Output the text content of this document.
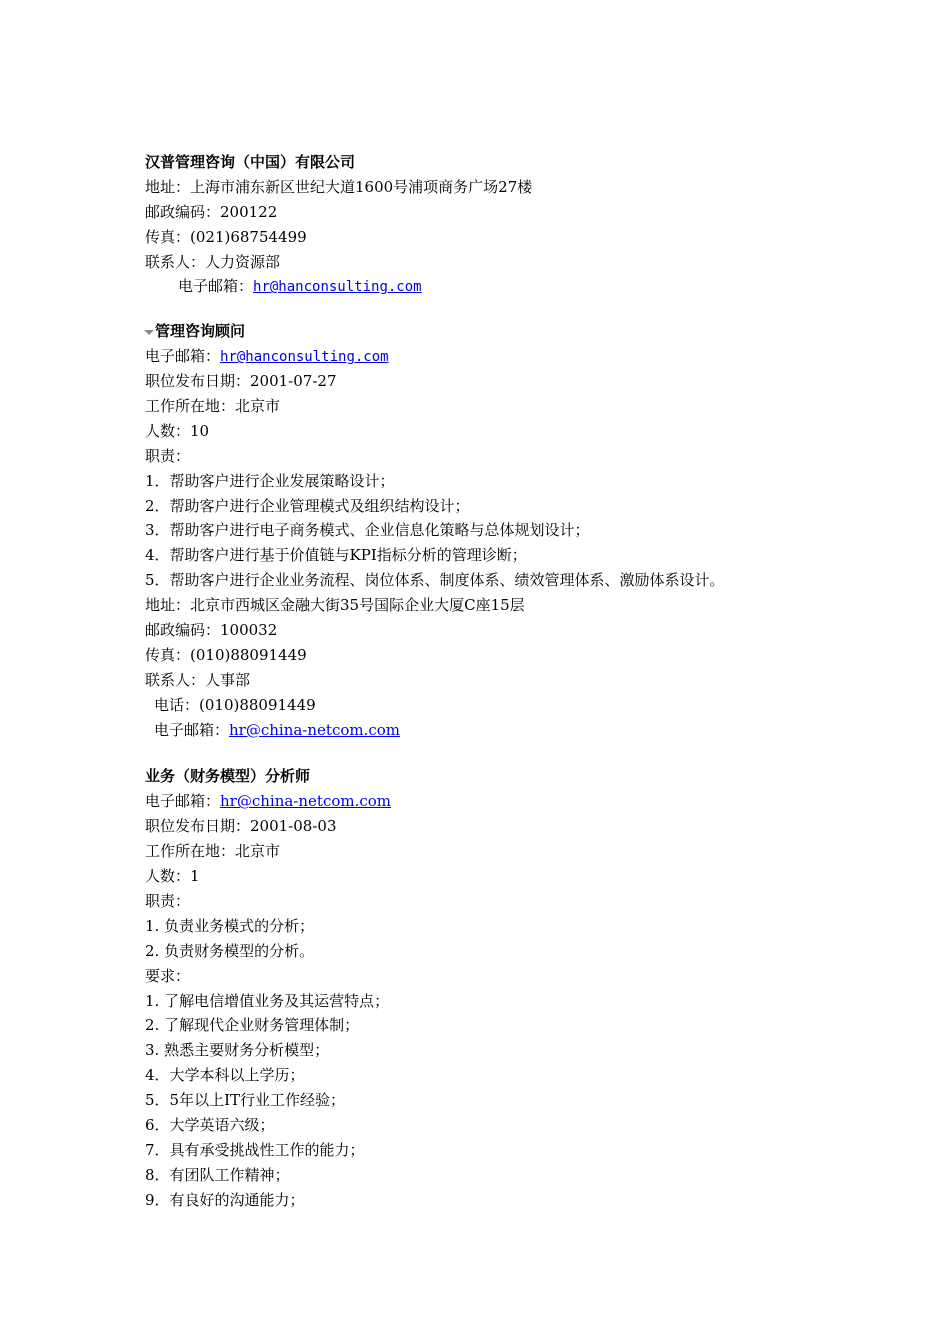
汉普管理咨询（中国）有限公司
地址：上海市浦东新区世纪大道1600号浦项商务广场27楼
邮政编码：200122
传真：(021)68754499
联系人：人力资源部
电子邮箱：hr@hanconsulting.com
管理咨询顾问
电子邮箱：hr@hanconsulting.com
职位发布日期：2001-07-27
工作所在地：北京市
人数：10
职责：
1．帮助客户进行企业发展策略设计；
2．帮助客户进行企业管理模式及组织结构设计；
3．帮助客户进行电子商务模式、企业信息化策略与总体规划设计；
4．帮助客户进行基于价值链与KPI指标分析的管理诊断；
5．帮助客户进行企业业务流程、岗位体系、制度体系、绩效管理体系、激励体系设计。
地址：北京市西城区金融大街35号国际企业大厦C座15层
邮政编码：100032
传真：(010)88091449
联系人：人事部
电话：(010)88091449
电子邮箱：hr@china-netcom.com
业务（财务模型）分析师
电子邮箱：hr@china-netcom.com
职位发布日期：2001-08-03
工作所在地：北京市
人数：1
职责：
1. 负责业务模式的分析；
2. 负责财务模型的分析。
要求：
1. 了解电信增值业务及其运营特点；
2. 了解现代企业财务管理体制；
3. 熟悉主要财务分析模型；
4．大学本科以上学历；
5．5年以上IT行业工作经验；
6．大学英语六级；
7．具有承受挑战性工作的能力；
8．有团队工作精神；
9．有良好的沟通能力；
